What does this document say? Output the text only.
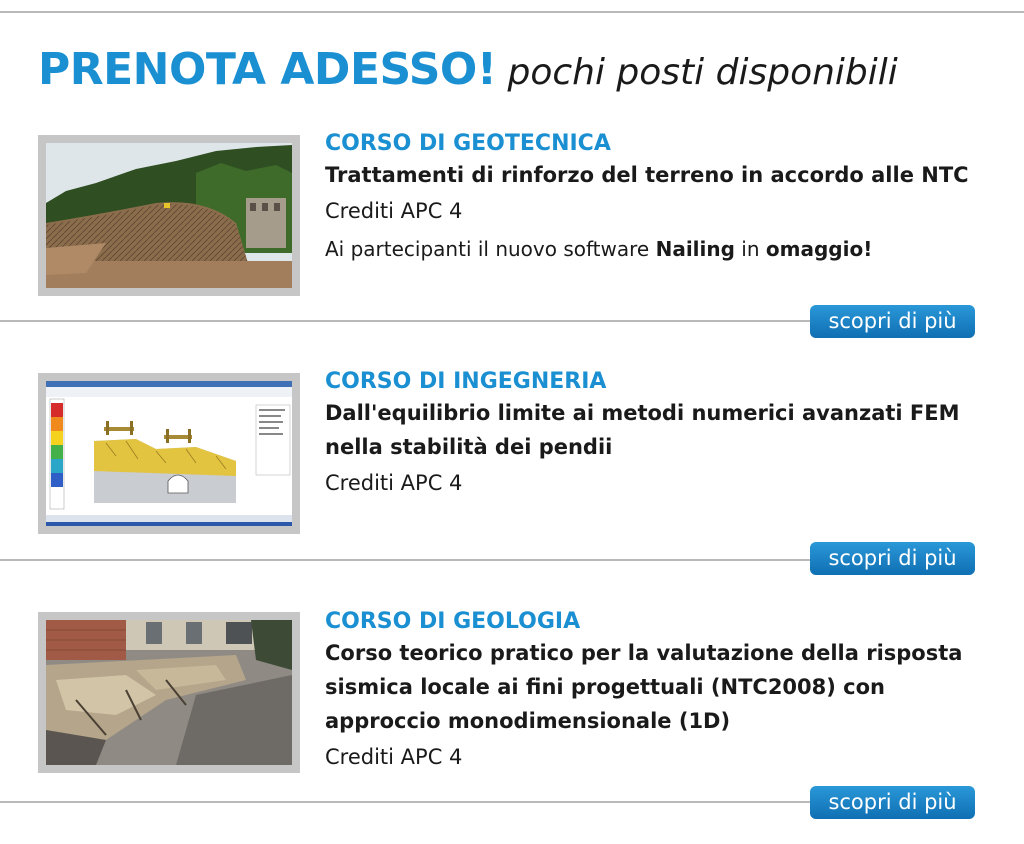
PRENOTA ADESSO! pochi posti disponibili
CORSO DI GEOTECNICA
Trattamenti di rinforzo del terreno in accordo alle NTC
Crediti APC 4
Ai partecipanti il nuovo software Nailing in omaggio!
scopri di più
CORSO DI INGEGNERIA
Dall'equilibrio limite ai metodi numerici avanzati FEM nella stabilità dei pendii
Crediti APC 4
scopri di più
CORSO DI GEOLOGIA
Corso teorico pratico per la valutazione della risposta sismica locale ai fini progettuali (NTC2008) con approccio monodimensionale (1D)
Crediti APC 4
scopri di più
